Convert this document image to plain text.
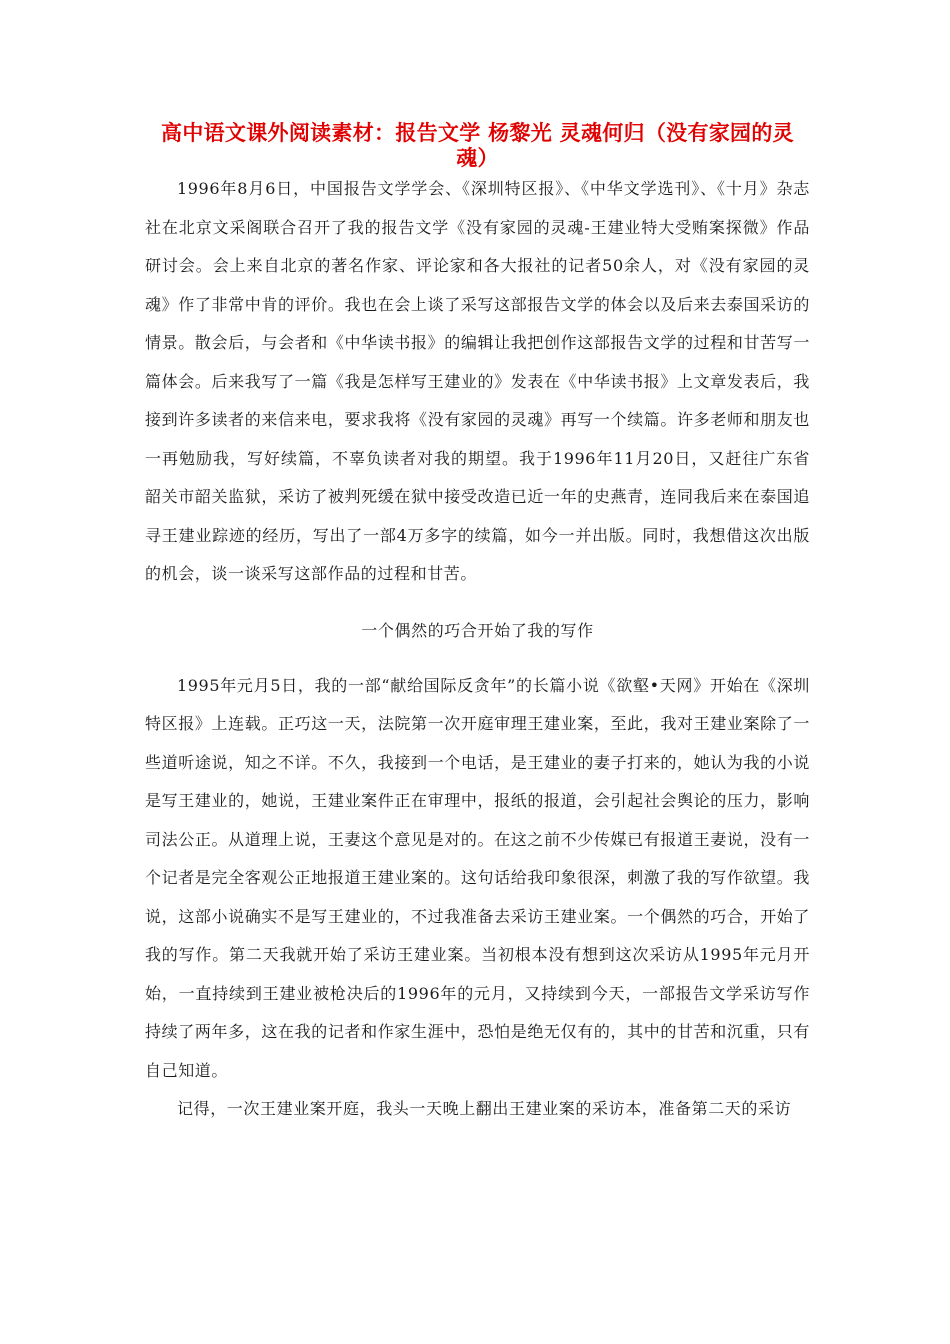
高中语文课外阅读素材：报告文学 杨黎光 灵魂何归（没有家园的灵魂）

1996年8月6日，中国报告文学学会、《深圳特区报》、《中华文学选刊》、《十月》杂志社在北京文采阁联合召开了我的报告文学《没有家园的灵魂-王建业特大受贿案探微》作品研讨会。会上来自北京的著名作家、评论家和各大报社的记者50余人，对《没有家园的灵魂》作了非常中肯的评价。我也在会上谈了采写这部报告文学的体会以及后来去泰国采访的情景。散会后，与会者和《中华读书报》的编辑让我把创作这部报告文学的过程和甘苦写一篇体会。后来我写了一篇《我是怎样写王建业的》发表在《中华读书报》上文章发表后，我接到许多读者的来信来电，要求我将《没有家园的灵魂》再写一个续篇。许多老师和朋友也一再勉励我，写好续篇，不辜负读者对我的期望。我于1996年11月20日，又赶往广东省韶关市韶关监狱，采访了被判死缓在狱中接受改造已近一年的史燕青，连同我后来在泰国追寻王建业踪迹的经历，写出了一部4万多字的续篇，如今一并出版。同时，我想借这次出版的机会，谈一谈采写这部作品的过程和甘苦。

一个偶然的巧合开始了我的写作

1995年元月5日，我的一部“献给国际反贪年”的长篇小说《欲壑•天网》开始在《深圳特区报》上连载。正巧这一天，法院第一次开庭审理王建业案，至此，我对王建业案除了一些道听途说，知之不详。不久，我接到一个电话，是王建业的妻子打来的，她认为我的小说是写王建业的，她说，王建业案件正在审理中，报纸的报道，会引起社会舆论的压力，影响司法公正。从道理上说，王妻这个意见是对的。在这之前不少传媒已有报道王妻说，没有一个记者是完全客观公正地报道王建业案的。这句话给我印象很深，刺激了我的写作欲望。我说，这部小说确实不是写王建业的，不过我准备去采访王建业案。一个偶然的巧合，开始了我的写作。第二天我就开始了采访王建业案。当初根本没有想到这次采访从1995年元月开始，一直持续到王建业被枪决后的1996年的元月，又持续到今天，一部报告文学采访写作持续了两年多，这在我的记者和作家生涯中，恐怕是绝无仅有的，其中的甘苦和沉重，只有自己知道。

记得，一次王建业案开庭，我头一天晚上翻出王建业案的采访本，准备第二天的采访
